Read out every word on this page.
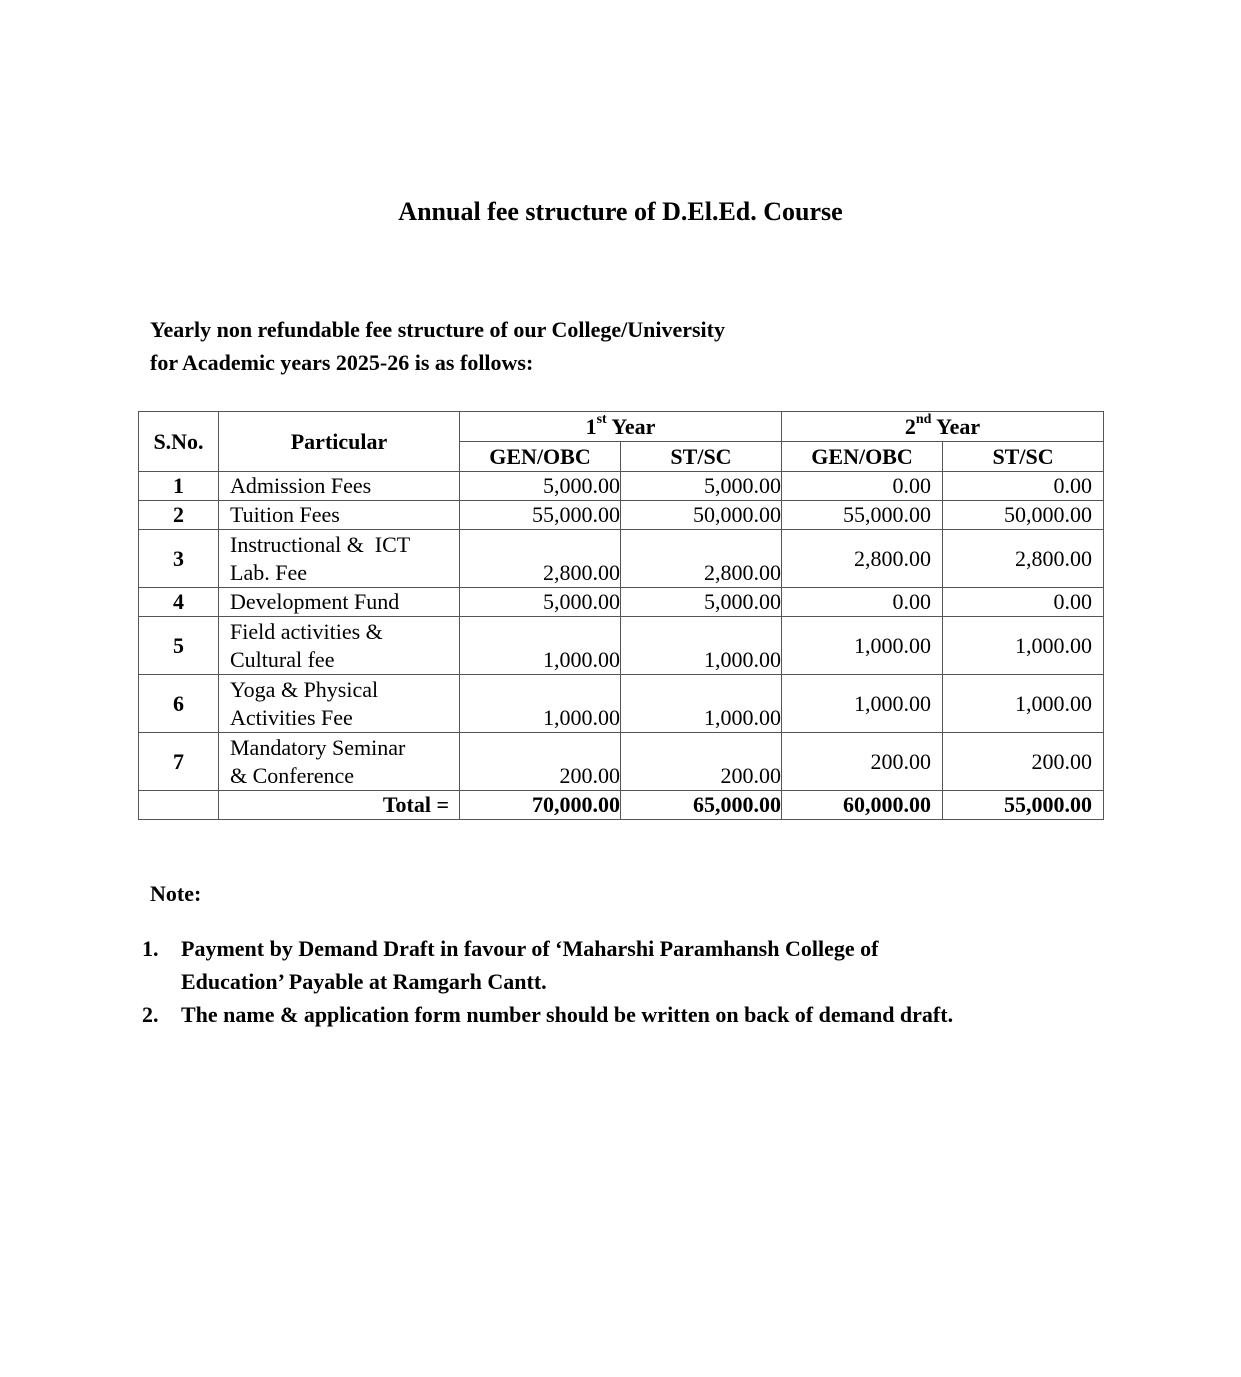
Annual fee structure of D.El.Ed. Course
Yearly non refundable fee structure of our College/University
for Academic years 2025-26 is as follows:
S.No.	Particular	1st Year		2nd Year	
		GEN/OBC	ST/SC	GEN/OBC	ST/SC
1	Admission Fees	5,000.00	5,000.00	0.00	0.00
2	Tuition Fees	55,000.00	50,000.00	55,000.00	50,000.00
3	Instructional &  ICT
Lab. Fee	2,800.00	2,800.00	2,800.00	2,800.00
4	Development Fund	5,000.00	5,000.00	0.00	0.00
5	Field activities &
Cultural fee	1,000.00	1,000.00	1,000.00	1,000.00
6	Yoga & Physical
Activities Fee	1,000.00	1,000.00	1,000.00	1,000.00
7	Mandatory Seminar
& Conference	200.00	200.00	200.00	200.00
	Total =	70,000.00	65,000.00	60,000.00	55,000.00
Note:
1. Payment by Demand Draft in favour of ‘Maharshi Paramhansh College of
Education’ Payable at Ramgarh Cantt.
2. The name & application form number should be written on back of demand draft.
